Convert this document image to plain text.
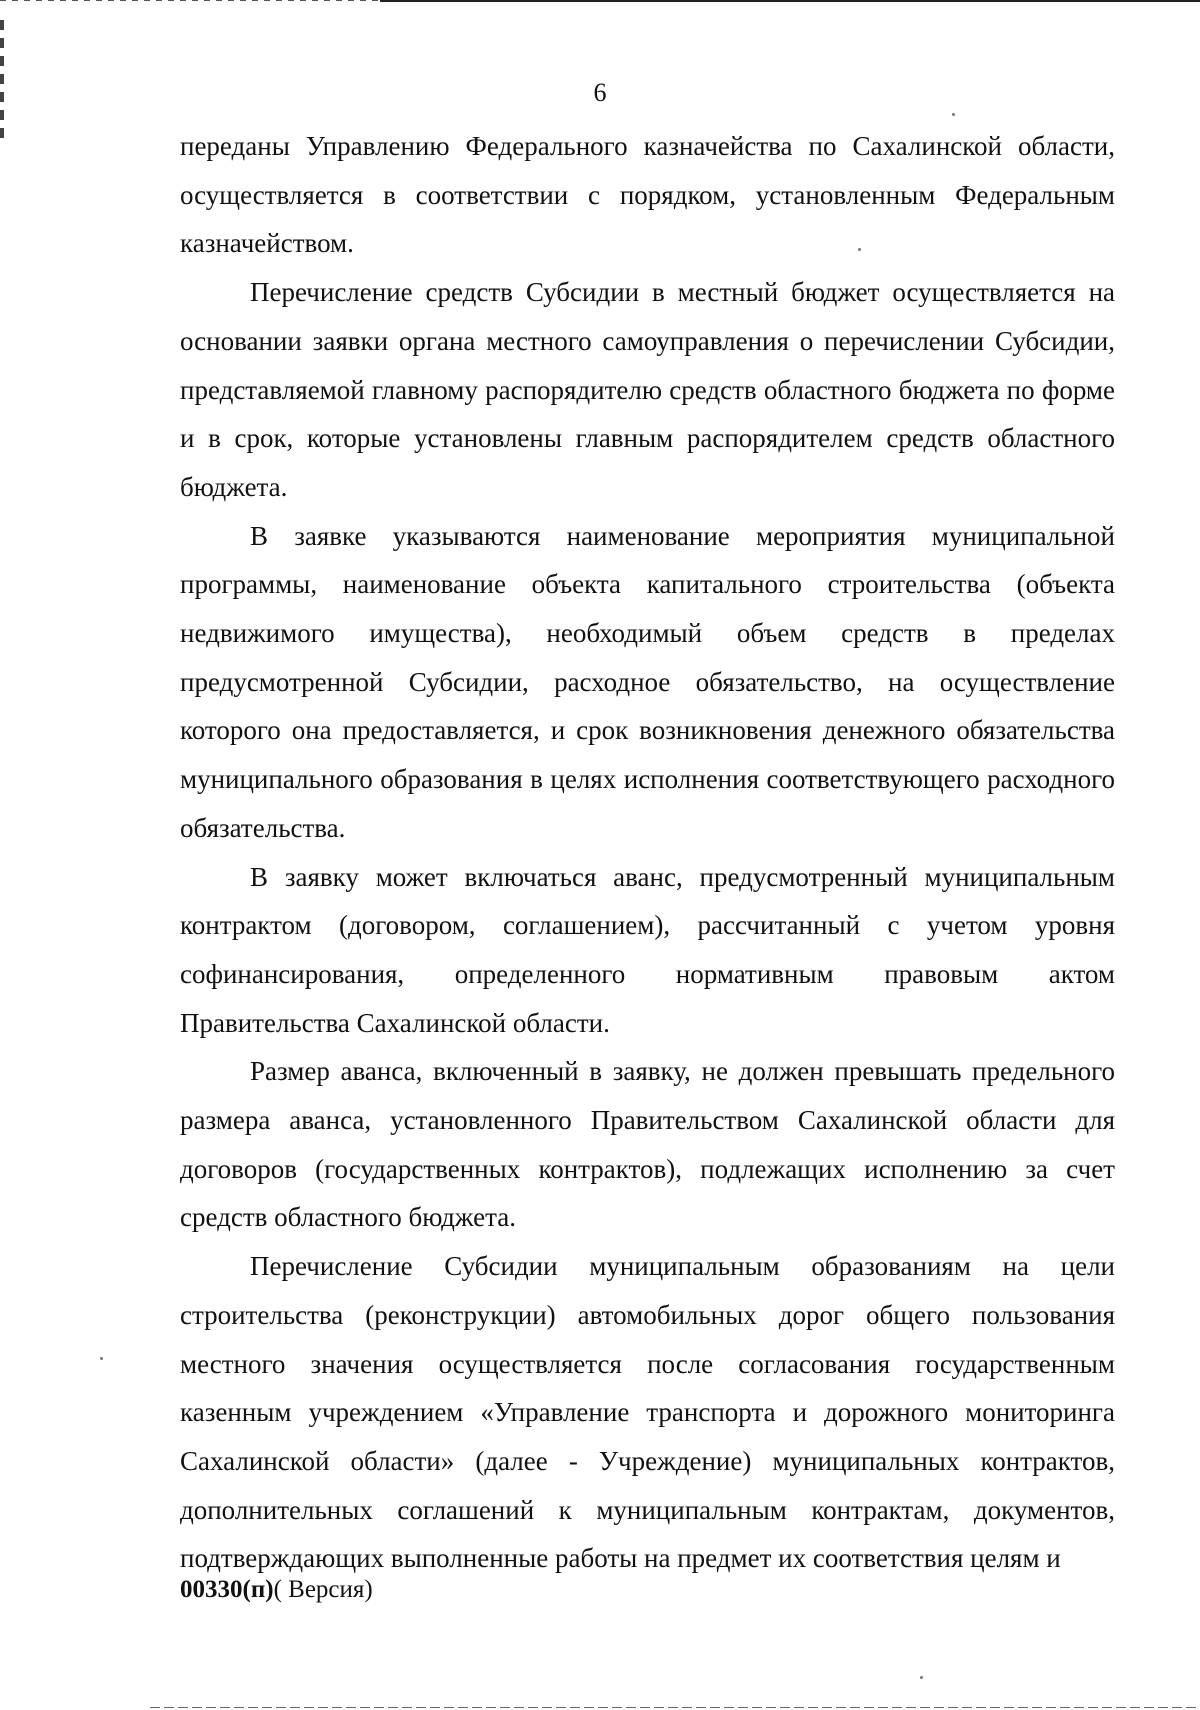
6

переданы Управлению Федерального казначейства по Сахалинской области, осуществляется в соответствии с порядком, установленным Федеральным казначейством.

Перечисление средств Субсидии в местный бюджет осуществляется на основании заявки органа местного самоуправления о перечислении Субсидии, представляемой главному распорядителю средств областного бюджета по форме и в срок, которые установлены главным распорядителем средств областного бюджета.

В заявке указываются наименование мероприятия муниципальной программы, наименование объекта капитального строительства (объекта недвижимого имущества), необходимый объем средств в пределах предусмотренной Субсидии, расходное обязательство, на осуществление которого она предоставляется, и срок возникновения денежного обязательства муниципального образования в целях исполнения соответствующего расходного обязательства.

В заявку может включаться аванс, предусмотренный муниципальным контрактом (договором, соглашением), рассчитанный с учетом уровня софинансирования, определенного нормативным правовым актом Правительства Сахалинской области.

Размер аванса, включенный в заявку, не должен превышать предельного размера аванса, установленного Правительством Сахалинской области для договоров (государственных контрактов), подлежащих исполнению за счет средств областного бюджета.

Перечисление Субсидии муниципальным образованиям на цели строительства (реконструкции) автомобильных дорог общего пользования местного значения осуществляется после согласования государственным казенным учреждением «Управление транспорта и дорожного мониторинга Сахалинской области» (далее - Учреждение) муниципальных контрактов, дополнительных соглашений к муниципальным контрактам, документов, подтверждающих выполненные работы на предмет их соответствия целям и

00330(п)( Версия)
